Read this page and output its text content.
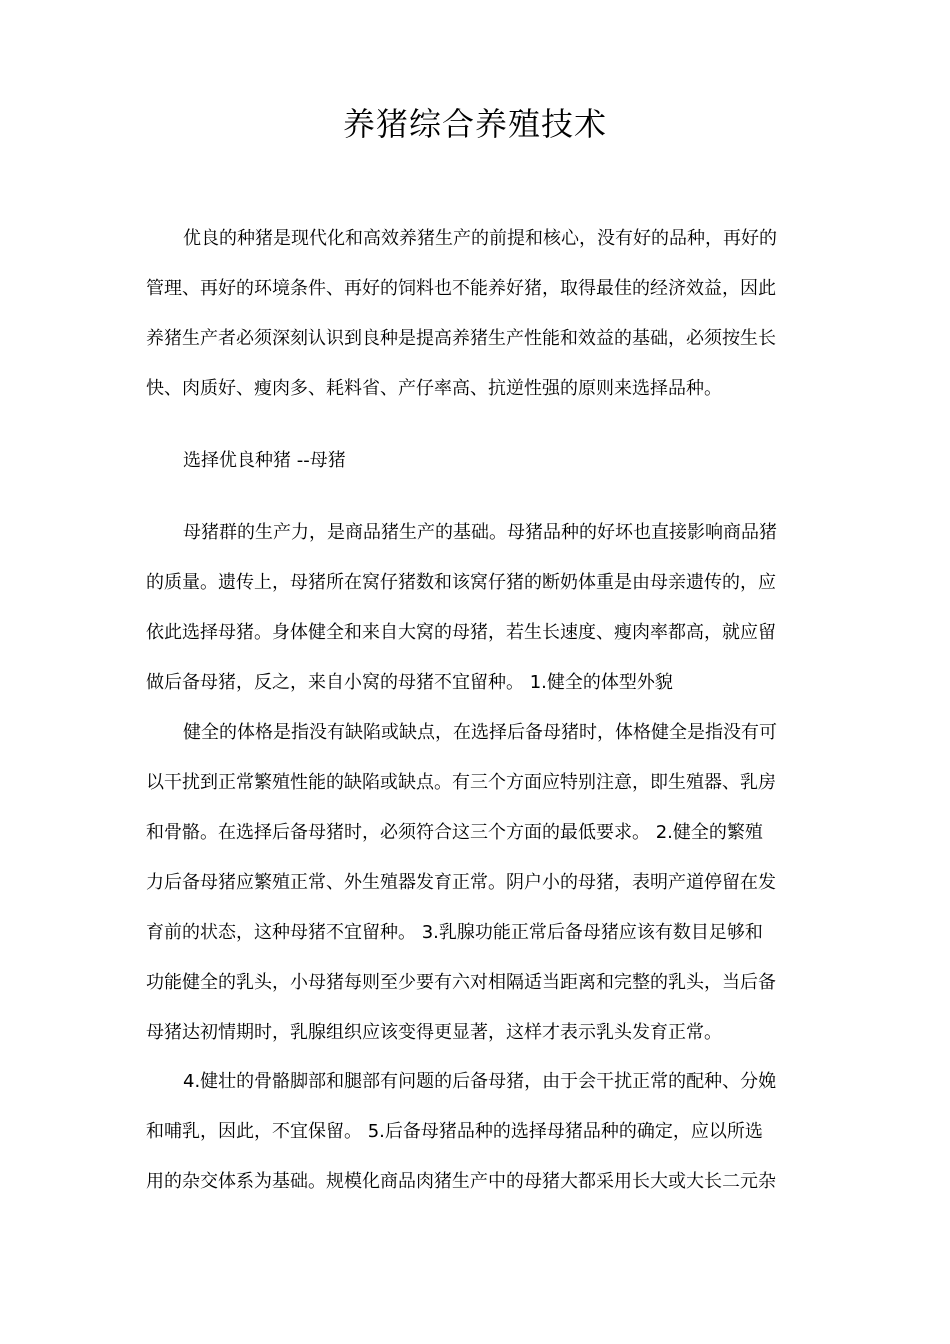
养猪综合养殖技术
优良的种猪是现代化和高效养猪生产的前提和核心，没有好的品种，再好的
管理、再好的环境条件、再好的饲料也不能养好猪，取得最佳的经济效益，因此
养猪生产者必须深刻认识到良种是提高养猪生产性能和效益的基础，必须按生长
快、肉质好、瘦肉多、耗料省、产仔率高、抗逆性强的原则来选择品种。
选择优良种猪 --母猪
母猪群的生产力，是商品猪生产的基础。母猪品种的好坏也直接影响商品猪
的质量。遗传上，母猪所在窝仔猪数和该窝仔猪的断奶体重是由母亲遗传的，应
依此选择母猪。身体健全和来自大窝的母猪，若生长速度、瘦肉率都高，就应留
做后备母猪，反之，来自小窝的母猪不宜留种。 1.健全的体型外貌
健全的体格是指没有缺陷或缺点，在选择后备母猪时，体格健全是指没有可
以干扰到正常繁殖性能的缺陷或缺点。有三个方面应特别注意，即生殖器、乳房
和骨骼。在选择后备母猪时，必须符合这三个方面的最低要求。 2.健全的繁殖
力后备母猪应繁殖正常、外生殖器发育正常。阴户小的母猪，表明产道停留在发
育前的状态，这种母猪不宜留种。 3.乳腺功能正常后备母猪应该有数目足够和
功能健全的乳头，小母猪每则至少要有六对相隔适当距离和完整的乳头，当后备
母猪达初情期时，乳腺组织应该变得更显著，这样才表示乳头发育正常。
4.健壮的骨骼脚部和腿部有问题的后备母猪，由于会干扰正常的配种、分娩
和哺乳，因此，不宜保留。 5.后备母猪品种的选择母猪品种的确定，应以所选
用的杂交体系为基础。规模化商品肉猪生产中的母猪大都采用长大或大长二元杂
